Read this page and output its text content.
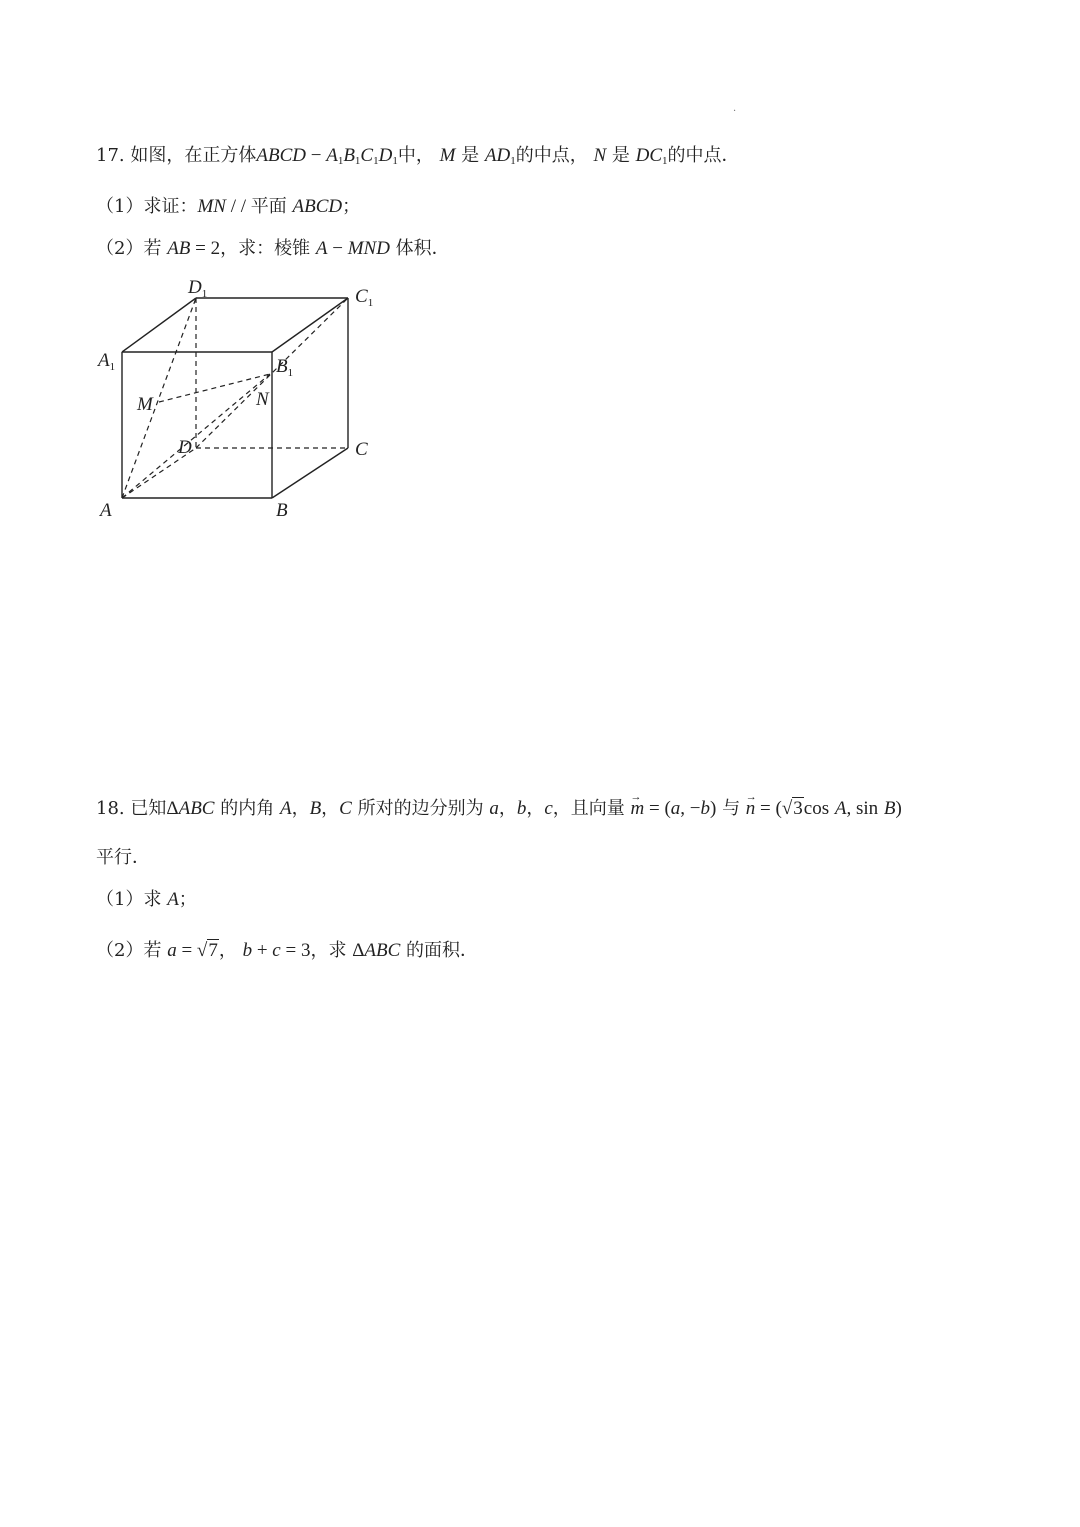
·
17. 如图，在正方体ABCD − $A_1B_1C_1D_1$中， M 是 $AD_1$的中点， N 是 $DC_1$的中点．
（1）求证：MN / / 平面 ABCD；
（2）若 AB = 2，求：棱锥 A − MND 体积．
$D_1$	$C_1$
$A_1$	$B_1$
M	N
D	C
A	B
18. 已知ΔABC 的内角 A，B，C 所对的边分别为 a，b，c，且向量 → m = (a, −b) 与 → n = (√3cos A, sin B)
平行．
（1）求 A；
（2）若 a = √7， b + c = 3，求 ΔABC 的面积．
